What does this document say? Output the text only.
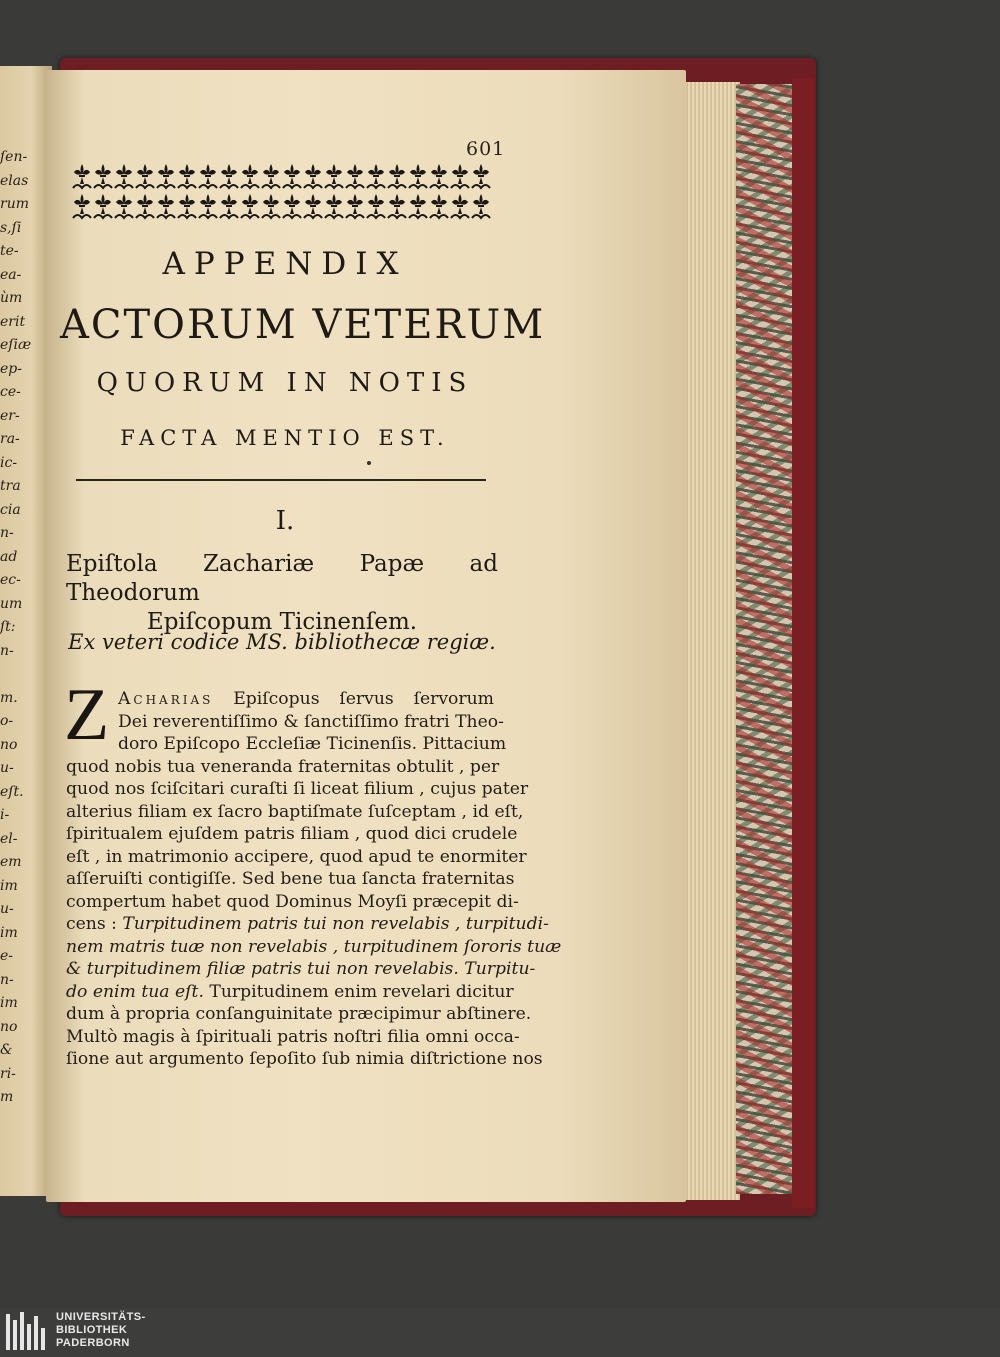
ſen-
elas
rum
s,ſi
te-
ea-
ùm
erit
eſiæ
ep-
ce-
er-
ra-
ic-
tra
cia
n-
ad
ec-
um
ſt:
n-

m.
o-
no
u-
eſt.
i-
el-
em
im
u-
im
e-
n-
im
no
&
ri-
m
601
APPENDIX
ACTORUM VETERUM
QUORUM IN NOTIS
FACTA MENTIO EST.
I.
Epiſtola Zachariæ Papæ ad Theodorum
Epiſcopum Ticinenſem.
Ex veteri codice MS. bibliothecæ regiæ.
Z Acharias Epiſcopus ſervus ſervorum
Dei reverentiſſimo & ſanctiſſimo fratri Theo-
doro Epiſcopo Eccleſiæ Ticinenſis. Pittacium
quod nobis tua veneranda fraternitas obtulit , per
quod nos ſciſcitari curaſti ſi liceat filium , cujus pater
alterius filiam ex ſacro baptiſmate ſuſceptam , id eſt,
ſpiritualem ejuſdem patris filiam , quod dici crudele
eſt , in matrimonio accipere, quod apud te enormiter
aſſeruiſti contigiſſe. Sed bene tua ſancta fraternitas
compertum habet quod Dominus Moyſi præcepit di-
cens : Turpitudinem patris tui non revelabis , turpitudi-
nem matris tuæ non revelabis , turpitudinem ſororis tuæ
& turpitudinem filiæ patris tui non revelabis. Turpitu-
do enim tua eſt. Turpitudinem enim revelari dicitur
dum à propria conſanguinitate præcipimur abſtinere.
Multò magis à ſpirituali patris noſtri filia omni occa-
ſione aut argumento ſepoſito ſub nimia diſtrictione nos
UNIVERSITÄTS-
BIBLIOTHEK
PADERBORN
